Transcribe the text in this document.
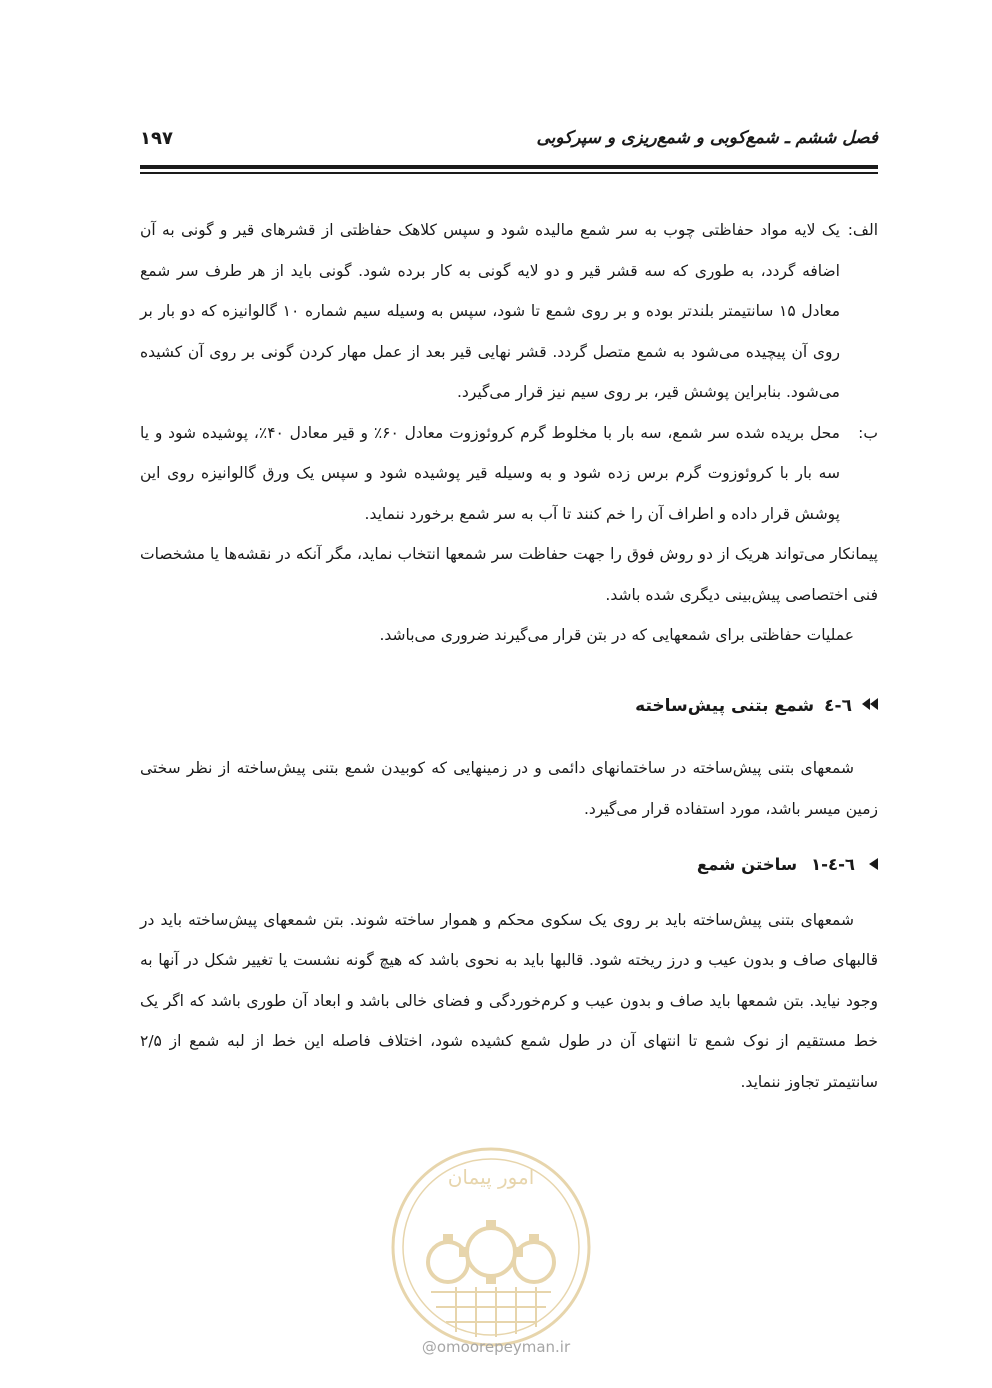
فصل ششم ـ شمع‌کوبی و شمع‌ریزی و سپرکوبی
۱۹۷
الف:
یک لایه مواد حفاظتی چوب به سر شمع مالیده شود و سپس کلاهک حفاظتی از قشرهای قیر و گونی به آن اضافه گردد، به طوری که سه قشر قیر و دو لایه گونی به کار برده شود. گونی باید از هر طرف سر شمع معادل ۱۵ سانتیمتر بلندتر بوده و بر روی شمع تا شود، سپس به وسیله سیم شماره ۱۰ گالوانیزه که دو بار بر روی آن پیچیده می‌شود به شمع متصل گردد. قشر نهایی قیر بعد از عمل مهار کردن گونی بر روی آن کشیده می‌شود. بنابراین پوشش قیر، بر روی سیم نیز قرار می‌گیرد.
ب:
محل بریده شده سر شمع، سه بار با مخلوط گرم کروئوزوت معادل ۶۰٪ و قیر معادل ۴۰٪، پوشیده شود و یا سه بار با کروئوزوت گرم برس زده شود و به وسیله قیر پوشیده شود و سپس یک ورق گالوانیزه روی این پوشش قرار داده و اطراف آن را خم کنند تا آب به سر شمع برخورد ننماید.

پیمانکار می‌تواند هریک از دو روش فوق را جهت حفاظت سر شمعها انتخاب نماید، مگر آنکه در نقشه‌ها یا مشخصات فنی اختصاصی پیش‌بینی دیگری شده باشد.

عملیات حفاظتی برای شمعهایی که در بتن قرار می‌گیرند ضروری می‌باشد.

٦-٤
شمع بتنی پیش‌ساخته

شمعهای بتنی پیش‌ساخته در ساختمانهای دائمی و در زمینهایی که کوبیدن شمع بتنی پیش‌ساخته از نظر سختی زمین میسر باشد، مورد استفاده قرار می‌گیرد.

٦-٤-١
ساختن شمع

شمعهای بتنی پیش‌ساخته باید بر روی یک سکوی محکم و هموار ساخته شوند. بتن شمعهای پیش‌ساخته باید در قالبهای صاف و بدون عیب و درز ریخته شود. قالبها باید به نحوی باشد که هیچ گونه نشست یا تغییر شکل در آنها به وجود نیاید. بتن شمعها باید صاف و بدون عیب و کرم‌خوردگی و فضای خالی باشد و ابعاد آن طوری باشد که اگر یک خط مستقیم از نوک شمع تا انتهای آن در طول شمع کشیده شود، اختلاف فاصله این خط از لبه شمع از ۲/۵ سانتیمتر تجاوز ننماید.

امور پیمان
@omoorepeyman.ir
